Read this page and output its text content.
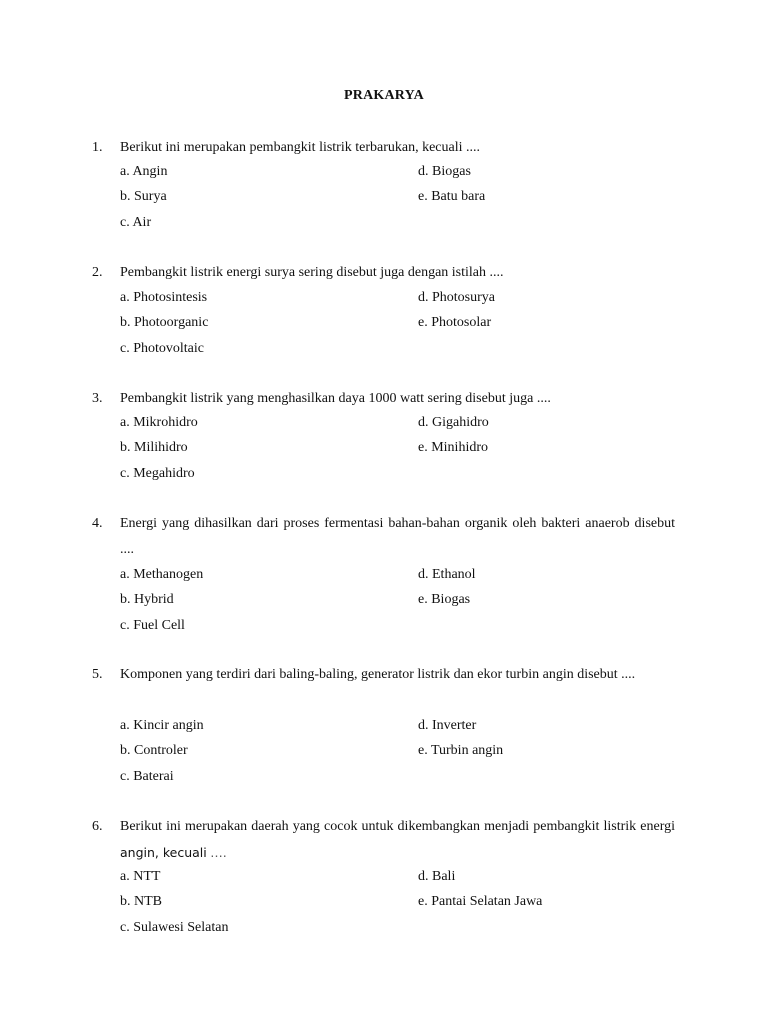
PRAKARYA
1. Berikut ini merupakan pembangkit listrik terbarukan, kecuali ....
a. Angin
b. Surya
c. Air
d. Biogas
e. Batu bara
2. Pembangkit listrik energi surya sering disebut juga dengan istilah ....
a. Photosintesis
b. Photoorganic
c. Photovoltaic
d. Photosurya
e. Photosolar
3. Pembangkit listrik yang menghasilkan daya 1000 watt sering disebut juga ....
a. Mikrohidro
b. Milihidro
c. Megahidro
d. Gigahidro
e. Minihidro
4. Energi yang dihasilkan dari proses fermentasi bahan-bahan organik oleh bakteri anaerob disebut ....
a. Methanogen
b. Hybrid
c. Fuel Cell
d. Ethanol
e. Biogas
5. Komponen yang terdiri dari baling-baling, generator listrik dan ekor turbin angin disebut ....
a. Kincir angin
b. Controler
c. Baterai
d. Inverter
e. Turbin angin
6. Berikut ini merupakan daerah yang cocok untuk dikembangkan menjadi pembangkit listrik energi angin, kecuali ….
a. NTT
b. NTB
c. Sulawesi Selatan
d. Bali
e. Pantai Selatan Jawa
